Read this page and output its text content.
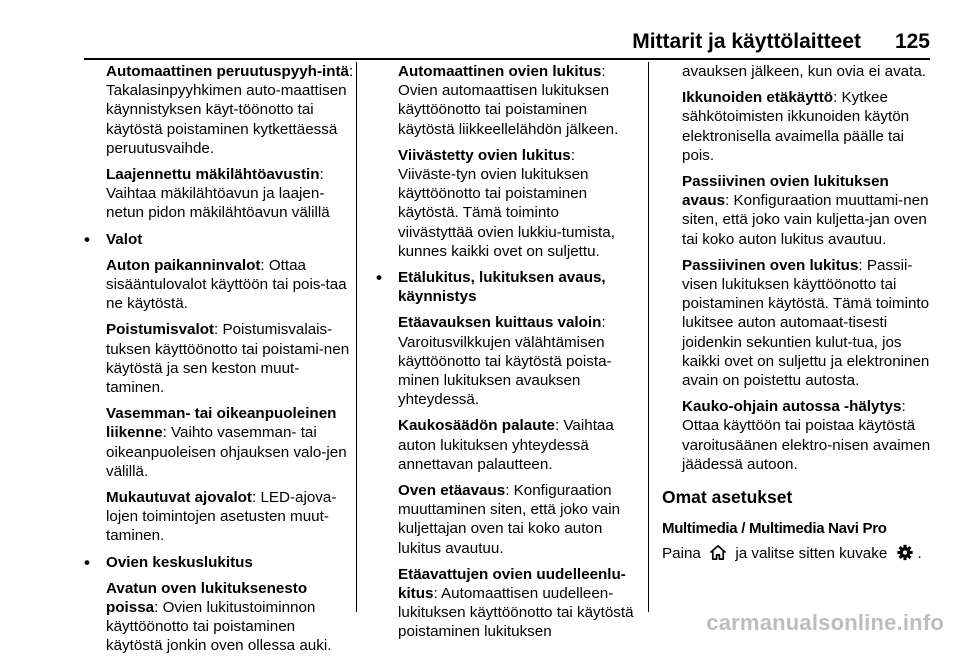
Mittarit ja käyttölaitteet 125

Automaattinen peruutuspyyh-intä: Takalasinpyyhkimen auto-maattisen käynnistyksen käyt-töönotto tai käytöstä poistaminen kytkettäessä peruutusvaihde.

Laajennettu mäkilähtöavustin: Vaihtaa mäkilähtöavun ja laajen-netun pidon mäkilähtöavun välillä

• Valot

Auton paikanninvalot: Ottaa sisääntulovalot käyttöön tai pois-taa ne käytöstä.

Poistumisvalot: Poistumisvalais-tuksen käyttöönotto tai poistami-nen käytöstä ja sen keston muut-taminen.

Vasemman- tai oikeanpuoleinen liikenne: Vaihto vasemman- tai oikeanpuoleisen ohjauksen valo-jen välillä.

Mukautuvat ajovalot: LED-ajova-lojen toimintojen asetusten muut-taminen.

• Ovien keskuslukitus

Avatun oven lukituksenesto poissa: Ovien lukitustoiminnon käyttöönotto tai poistaminen käytöstä jonkin oven ollessa auki.

Automaattinen ovien lukitus: Ovien automaattisen lukituksen käyttöönotto tai poistaminen käytöstä liikkeellelähdön jälkeen.

Viivästetty ovien lukitus: Viiväste-tyn ovien lukituksen käyttöönotto tai poistaminen käytöstä. Tämä toiminto viivästyttää ovien lukkiu-tumista, kunnes kaikki ovet on suljettu.

• Etälukitus, lukituksen avaus, käynnistys

Etäavauksen kuittaus valoin: Varoitusvilkkujen välähtämisen käyttöönotto tai käytöstä poista-minen lukituksen avauksen yhteydessä.

Kaukosäädön palaute: Vaihtaa auton lukituksen yhteydessä annettavan palautteen.

Oven etäavaus: Konfiguraation muuttaminen siten, että joko vain kuljettajan oven tai koko auton lukitus avautuu.

Etäavattujen ovien uudelleenlu-kitus: Automaattisen uudelleen-lukituksen käyttöönotto tai käytöstä poistaminen lukituksen

avauksen jälkeen, kun ovia ei avata.

Ikkunoiden etäkäyttö: Kytkee sähkötoimisten ikkunoiden käytön elektronisella avaimella päälle tai pois.

Passiivinen ovien lukituksen avaus: Konfiguraation muuttami-nen siten, että joko vain kuljetta-jan oven tai koko auton lukitus avautuu.

Passiivinen oven lukitus: Passii-visen lukituksen käyttöönotto tai poistaminen käytöstä. Tämä toiminto lukitsee auton automaat-tisesti joidenkin sekuntien kulut-tua, jos kaikki ovet on suljettu ja elektroninen avain on poistettu autosta.

Kauko-ohjain autossa -hälytys: Ottaa käyttöön tai poistaa käytöstä varoitusäänen elektro-nisen avaimen jäädessä autoon.

Omat asetukset

Multimedia / Multimedia Navi Pro

Paina ja valitse sitten kuvake .

carmanualsonline.info
